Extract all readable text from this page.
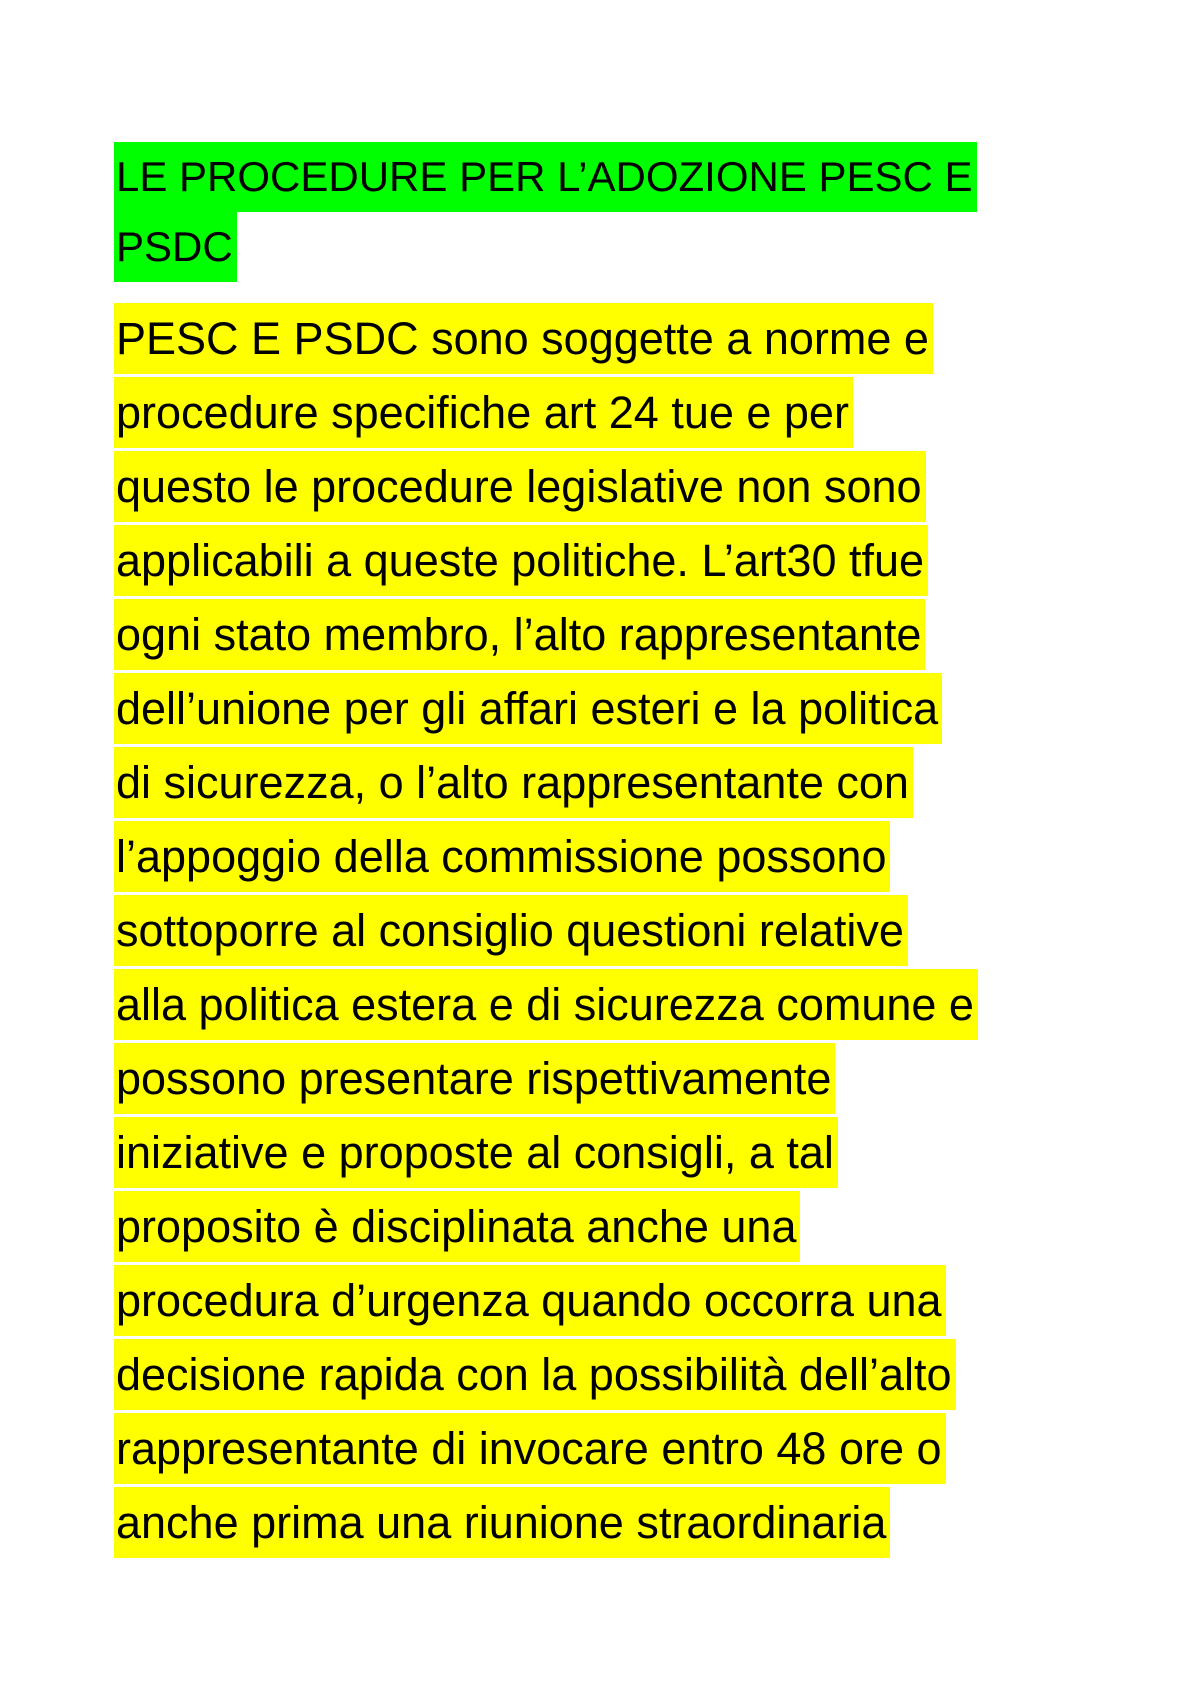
LE PROCEDURE PER L’ADOZIONE PESC E
PSDC
PESC E PSDC sono soggette a norme e
procedure specifiche art 24 tue e per
questo le procedure legislative non sono
applicabili a queste politiche. L’art30 tfue
ogni stato membro, l’alto rappresentante
dell’unione per gli affari esteri e la politica
di sicurezza, o l’alto rappresentante con
l’appoggio della commissione possono
sottoporre al consiglio questioni relative
alla politica estera e di sicurezza comune e
possono presentare rispettivamente
iniziative e proposte al consigli, a tal
proposito è disciplinata anche una
procedura d’urgenza quando occorra una
decisione rapida con la possibilità dell’alto
rappresentante di invocare entro 48 ore o
anche prima una riunione straordinaria
